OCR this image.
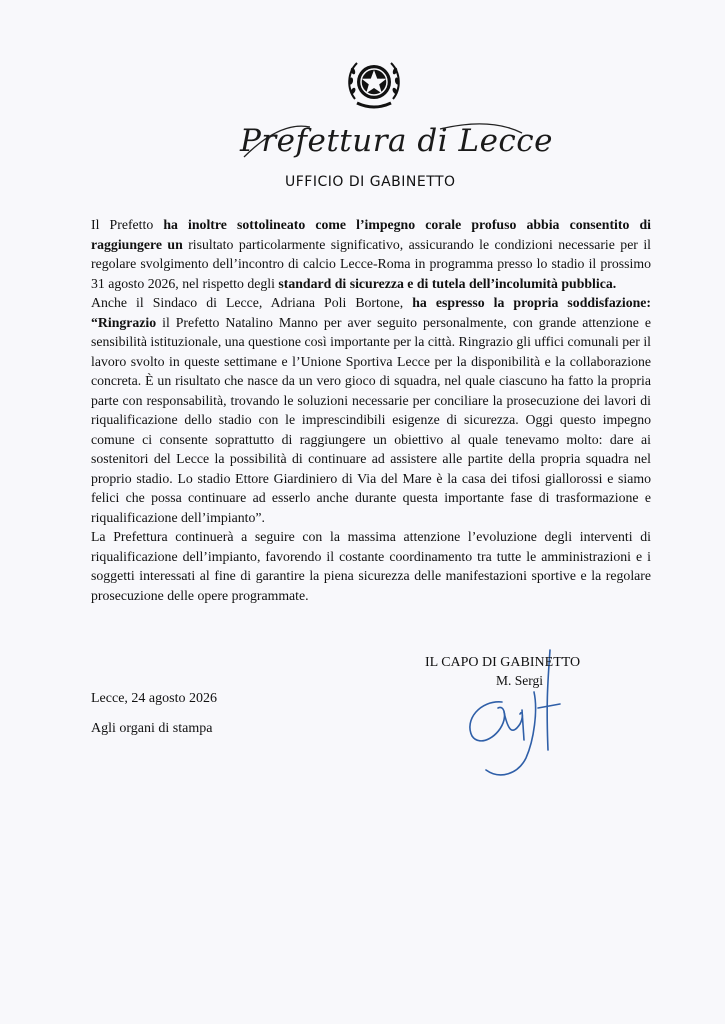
Prefettura di Lecce
UFFICIO DI GABINETTO

Il Prefetto ha inoltre sottolineato come l’impegno corale profuso abbia consentito di raggiungere un risultato particolarmente significativo, assicurando le condizioni necessarie per il regolare svolgimento dell’incontro di calcio Lecce-Roma in programma presso lo stadio il prossimo 31 agosto 2026, nel rispetto degli standard di sicurezza e di tutela dell’incolumità pubblica.

Anche il Sindaco di Lecce, Adriana Poli Bortone, ha espresso la propria soddisfazione: “Ringrazio il Prefetto Natalino Manno per aver seguito personalmente, con grande attenzione e sensibilità istituzionale, una questione così importante per la città. Ringrazio gli uffici comunali per il lavoro svolto in queste settimane e l’Unione Sportiva Lecce per la disponibilità e la collaborazione concreta. È un risultato che nasce da un vero gioco di squadra, nel quale ciascuno ha fatto la propria parte con responsabilità, trovando le soluzioni necessarie per conciliare la prosecuzione dei lavori di riqualificazione dello stadio con le imprescindibili esigenze di sicurezza. Oggi questo impegno comune ci consente soprattutto di raggiungere un obiettivo al quale tenevamo molto: dare ai sostenitori del Lecce la possibilità di continuare ad assistere alle partite della propria squadra nel proprio stadio. Lo stadio Ettore Giardiniero di Via del Mare è la casa dei tifosi giallorossi e siamo felici che possa continuare ad esserlo anche durante questa importante fase di trasformazione e riqualificazione dell’impianto”.

La Prefettura continuerà a seguire con la massima attenzione l’evoluzione degli interventi di riqualificazione dell’impianto, favorendo il costante coordinamento tra tutte le amministrazioni e i soggetti interessati al fine di garantire la piena sicurezza delle manifestazioni sportive e la regolare prosecuzione delle opere programmate.

IL CAPO DI GABINETTO
M. Sergi
Lecce, 24 agosto 2026
Agli organi di stampa
